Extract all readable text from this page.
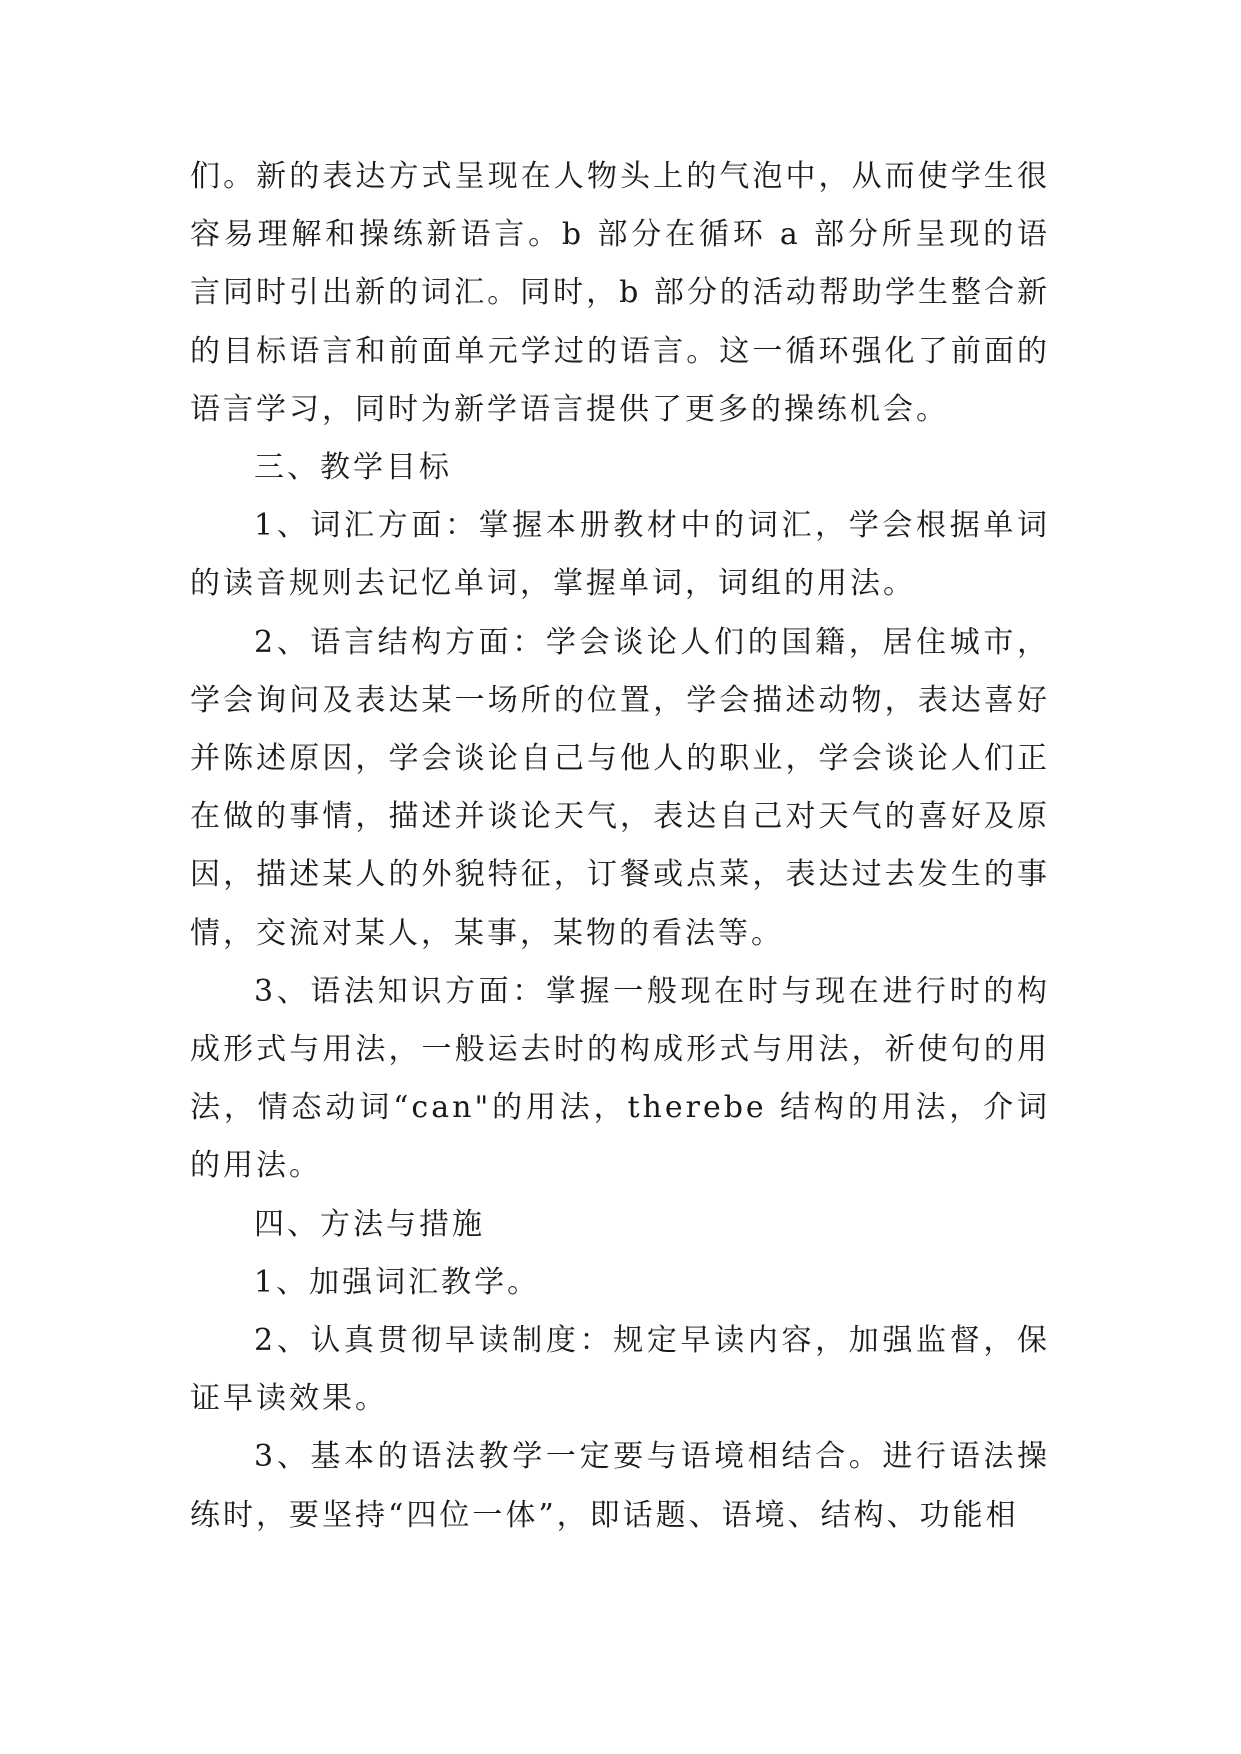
们。新的表达方式呈现在人物头上的气泡中，从而使学生很容易理解和操练新语言。b 部分在循环 a 部分所呈现的语言同时引出新的词汇。同时，b 部分的活动帮助学生整合新的目标语言和前面单元学过的语言。这一循环强化了前面的语言学习，同时为新学语言提供了更多的操练机会。

三、教学目标

1、词汇方面：掌握本册教材中的词汇，学会根据单词的读音规则去记忆单词，掌握单词，词组的用法。

2、语言结构方面：学会谈论人们的国籍，居住城市，学会询问及表达某一场所的位置，学会描述动物，表达喜好并陈述原因，学会谈论自己与他人的职业，学会谈论人们正在做的事情，描述并谈论天气，表达自己对天气的喜好及原因，描述某人的外貌特征，订餐或点菜，表达过去发生的事情，交流对某人，某事，某物的看法等。

3、语法知识方面：掌握一般现在时与现在进行时的构成形式与用法，一般运去时的构成形式与用法，祈使句的用法，情态动词“can"的用法，therebe 结构的用法，介词的用法。

四、方法与措施

1、加强词汇教学。

2、认真贯彻早读制度：规定早读内容，加强监督，保证早读效果。

3、基本的语法教学一定要与语境相结合。进行语法操练时，要坚持“四位一体”，即话题、语境、结构、功能相
